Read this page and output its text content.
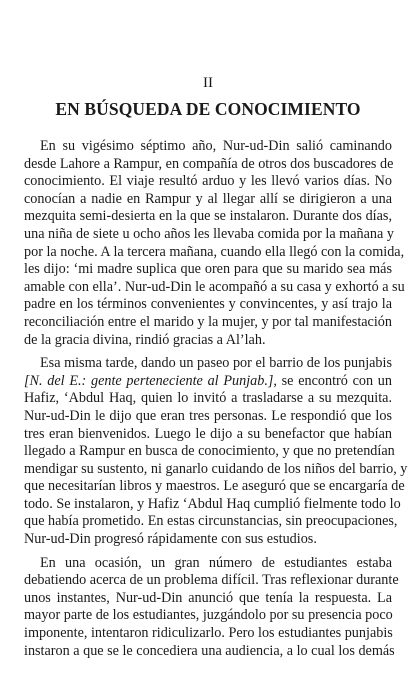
II
EN BÚSQUEDA DE CONOCIMIENTO

En su vigésimo séptimo año, Nur-ud-Din salió caminando
desde Lahore a Rampur, en compañía de otros dos buscadores de
conocimiento. El viaje resultó arduo y les llevó varios días. No
conocían a nadie en Rampur y al llegar allí se dirigieron a una
mezquita semi-desierta en la que se instalaron. Durante dos días,
una niña de siete u ocho años les llevaba comida por la mañana y
por la noche. A la tercera mañana, cuando ella llegó con la comida,
les dijo: ‘mi madre suplica que oren para que su marido sea más
amable con ella’. Nur-ud-Din le acompañó a su casa y exhortó a su
padre en los términos convenientes y convincentes, y así trajo la
reconciliación entre el marido y la mujer, y por tal manifestación
de la gracia divina, rindió gracias a Al’lah.

Esa misma tarde, dando un paseo por el barrio de los punjabis
[N. del E.: gente perteneciente al Punjab.], se encontró con un
Hafiz, ‘Abdul Haq, quien lo invitó a trasladarse a su mezquita.
Nur-ud-Din le dijo que eran tres personas. Le respondió que los
tres eran bienvenidos. Luego le dijo a su benefactor que habían
llegado a Rampur en busca de conocimiento, y que no pretendían
mendigar su sustento, ni ganarlo cuidando de los niños del barrio, y
que necesitarían libros y maestros. Le aseguró que se encargaría de
todo. Se instalaron, y Hafiz ‘Abdul Haq cumplió fielmente todo lo
que había prometido. En estas circunstancias, sin preocupaciones,
Nur-ud-Din progresó rápidamente con sus estudios.

En una ocasión, un gran número de estudiantes estaba
debatiendo acerca de un problema difícil. Tras reflexionar durante
unos instantes, Nur-ud-Din anunció que tenía la respuesta. La
mayor parte de los estudiantes, juzgándolo por su presencia poco
imponente, intentaron ridiculizarlo. Pero los estudiantes punjabis
instaron a que se le concediera una audiencia, a lo cual los demás
